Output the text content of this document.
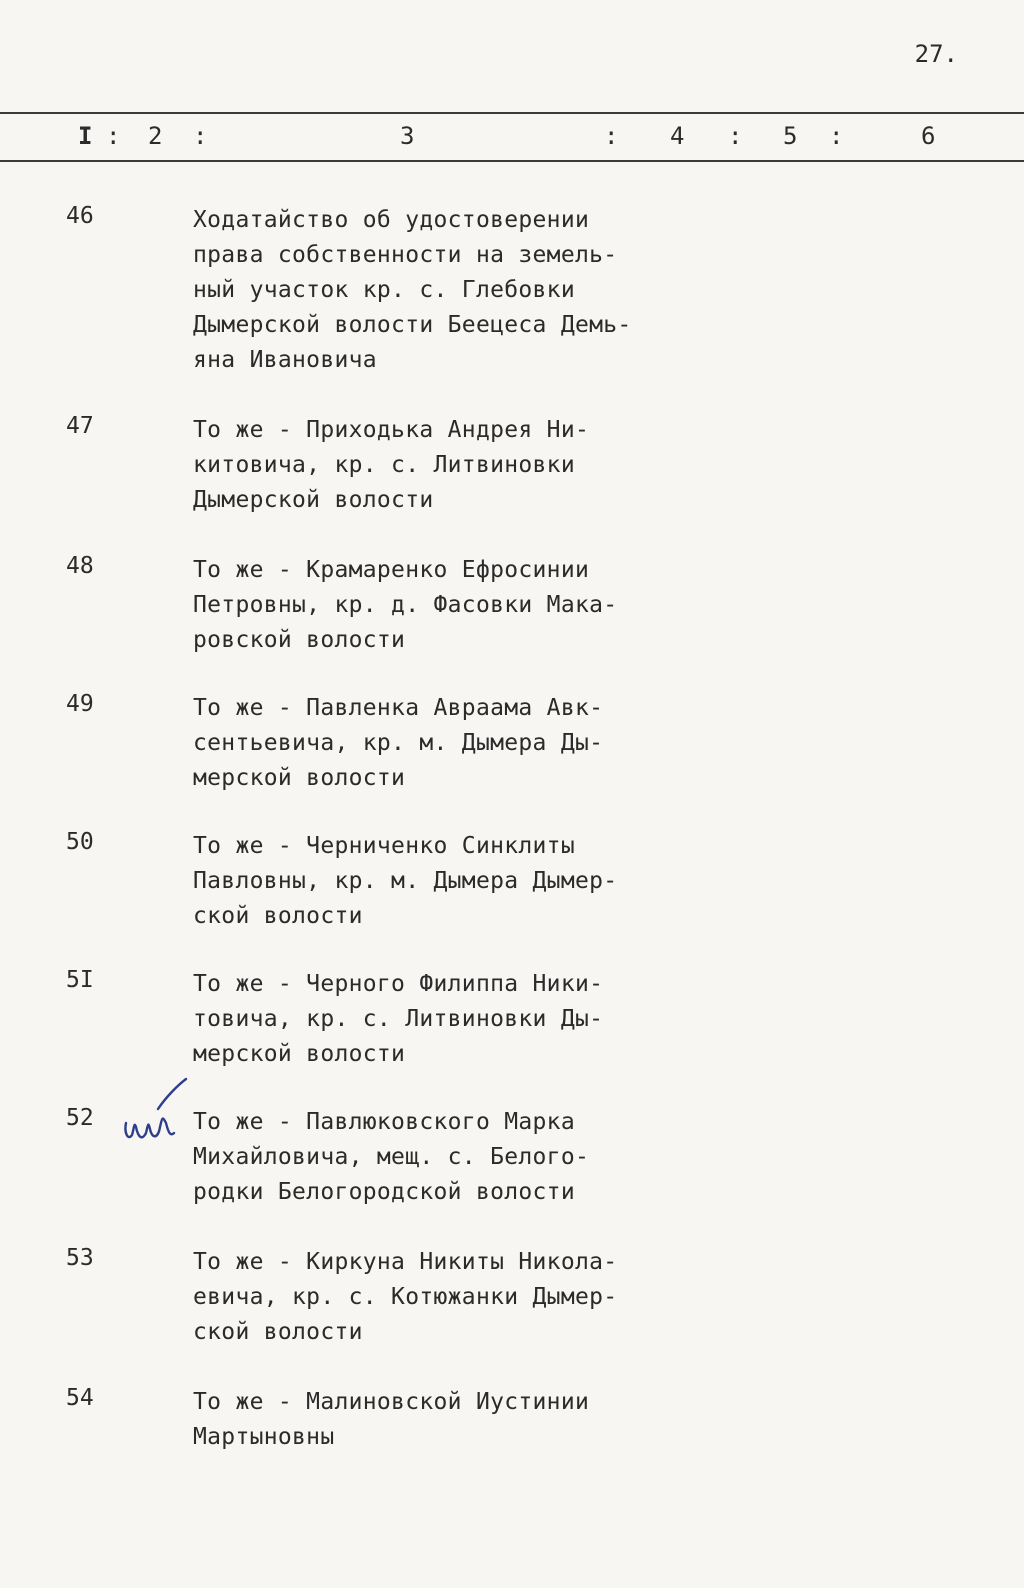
27.
I : 2 :	3	: 4 : 5 :	6
46	Ходатайство об удостоверении
права собственности на земель-
ный участок кр. с. Глебовки
Дымерской волости Беецеса Демь-
яна Ивановича
47	То же - Приходька Андрея Ни-
китовича, кр. с. Литвиновки
Дымерской волости
48	То же - Крамаренко Ефросинии
Петровны, кр. д. Фасовки Мака-
ровской волости
49	То же - Павленка Авраама Авк-
сентьевича, кр. м. Дымера Ды-
мерской волости
50	То же - Черниченко Синклиты
Павловны, кр. м. Дымера Дымер-
ской волости
5I	То же - Черного Филиппа Ники-
товича, кр. с. Литвиновки Ды-
мерской волости
52	То же - Павлюковского Марка
Михайловича, мещ. с. Белого-
родки Белогородской волости
53	То же - Киркуна Никиты Никола-
евича, кр. с. Котюжанки Дымер-
ской волости
54	То же - Малиновской Иустинии
Мартыновны
